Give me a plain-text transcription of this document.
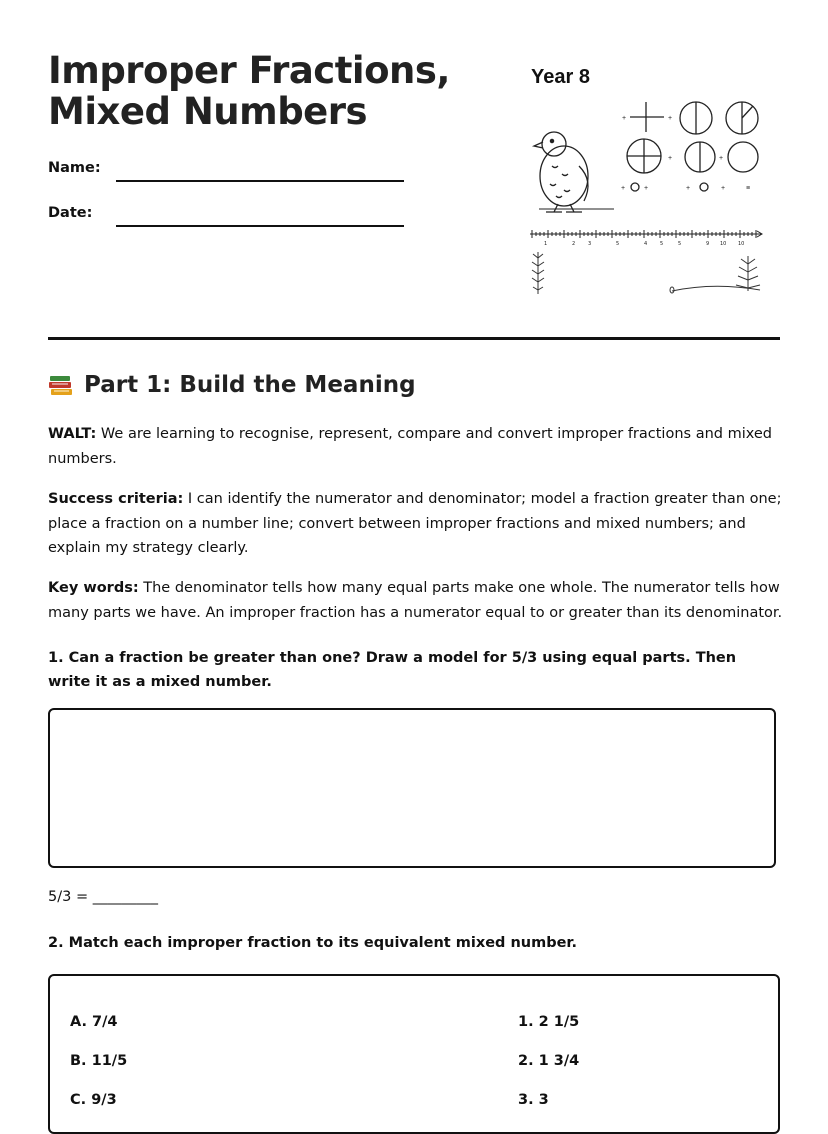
Improper Fractions,
Mixed Numbers
Name:
Date:
Year 8
+	+
+	+
+	+	+	+	≡
1	2	3	5	4	5	5	9 10 10
Part 1: Build the Meaning

WALT: We are learning to recognise, represent, compare and convert improper fractions and mixed numbers.

Success criteria: I can identify the numerator and denominator; model a fraction greater than one; place a fraction on a number line; convert between improper fractions and mixed numbers; and explain my strategy clearly.

Key words: The denominator tells how many equal parts make one whole. The numerator tells how many parts we have. An improper fraction has a numerator equal to or greater than its denominator.

1. Can a fraction be greater than one? Draw a model for 5/3 using equal parts. Then write it as a mixed number.

5/3 = _________

2. Match each improper fraction to its equivalent mixed number.

A. 7/4
B. 11/5
C. 9/3
1. 2 1/5
2. 1 3/4
3. 3
